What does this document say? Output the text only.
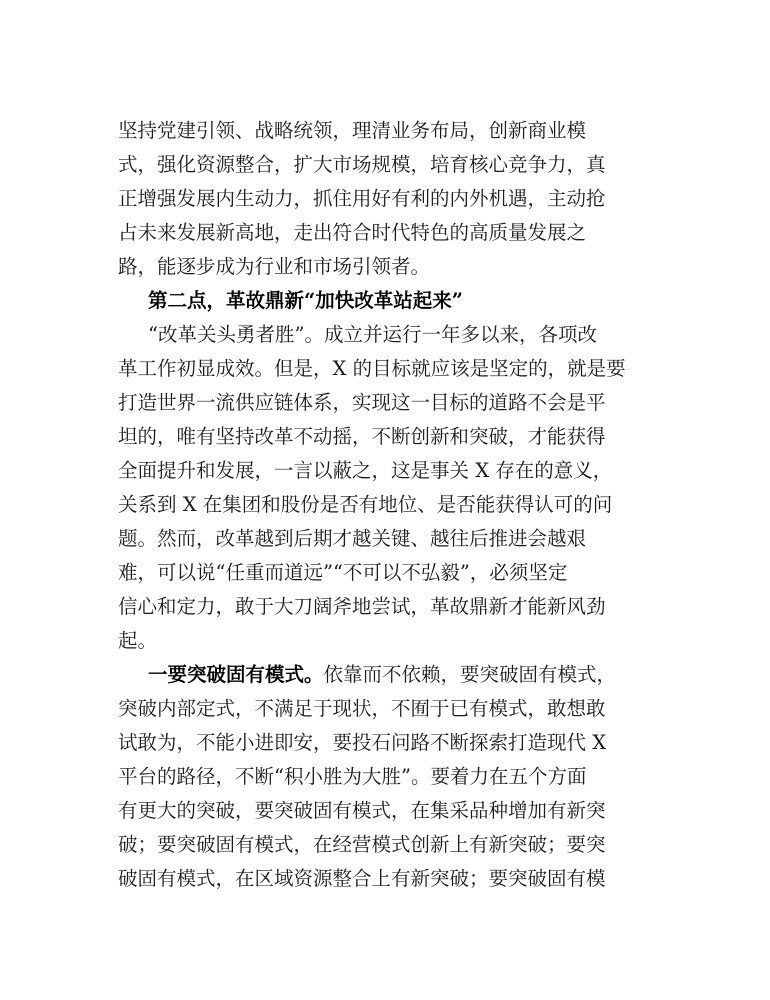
坚持党建引领、战略统领，理清业务布局，创新商业模
式，强化资源整合，扩大市场规模，培育核心竞争力，真
正增强发展内生动力，抓住用好有利的内外机遇，主动抢
占未来发展新高地，走出符合时代特色的高质量发展之
路，能逐步成为行业和市场引领者。
第二点，革故鼎新“加快改革站起来”
“改革关头勇者胜”。成立并运行一年多以来，各项改
革工作初显成效。但是，X 的目标就应该是坚定的，就是要
打造世界一流供应链体系，实现这一目标的道路不会是平
坦的，唯有坚持改革不动摇，不断创新和突破，才能获得
全面提升和发展，一言以蔽之，这是事关 X 存在的意义，
关系到 X 在集团和股份是否有地位、是否能获得认可的问
题。然而，改革越到后期才越关键、越往后推进会越艰
难，可以说“任重而道远”“不可以不弘毅”，必须坚定
信心和定力，敢于大刀阔斧地尝试，革故鼎新才能新风劲
起。
一要突破固有模式。依靠而不依赖，要突破固有模式，
突破内部定式，不满足于现状，不囿于已有模式，敢想敢
试敢为，不能小进即安，要投石问路不断探索打造现代 X
平台的路径，不断“积小胜为大胜”。要着力在五个方面
有更大的突破，要突破固有模式，在集采品种增加有新突
破；要突破固有模式，在经营模式创新上有新突破；要突
破固有模式，在区域资源整合上有新突破；要突破固有模
